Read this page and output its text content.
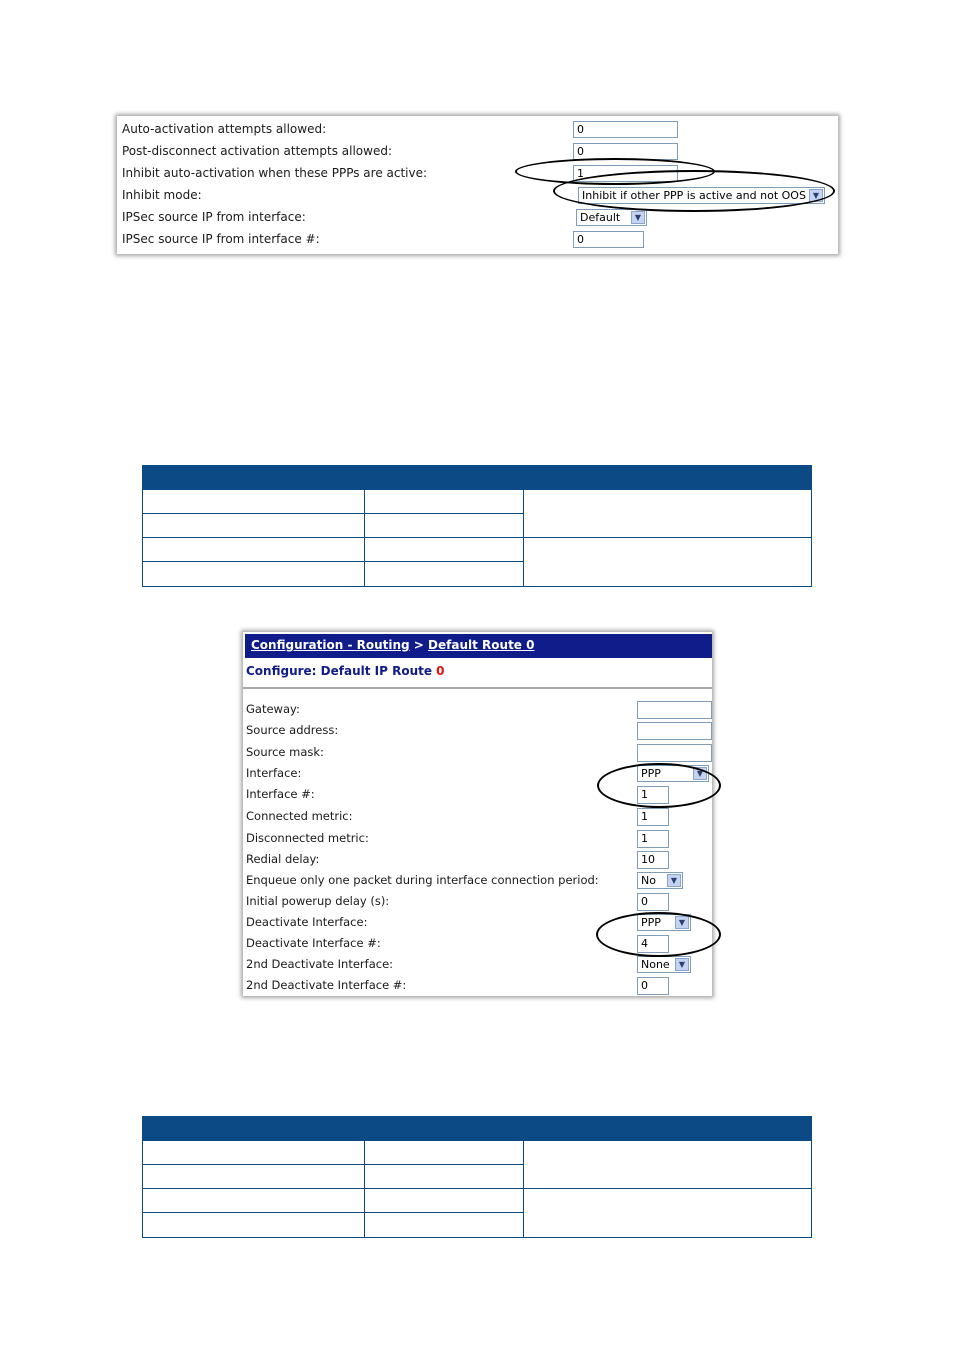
Auto-activation attempts allowed:	0
Post-disconnect activation attempts allowed:	0
Inhibit auto-activation when these PPPs are active:	1
Inhibit mode:	Inhibit if other PPP is active and not OOS ▼
IPSec source IP from interface:	Default	▼
IPSec source IP from interface #:	0
Configuration - Routing > Default Route 0
Configure: Default IP Route 0
Gateway:
Source address:
Source mask:
Interface:	PPP	▼
Interface #:	1
Connected metric:	1
Disconnected metric:	1
Redial delay:	10
Enqueue only one packet during interface connection period:	No	▼
Initial powerup delay (s):	0
Deactivate Interface:	PPP	▼
Deactivate Interface #:	4
2nd Deactivate Interface:	None	▼
2nd Deactivate Interface #:	0
